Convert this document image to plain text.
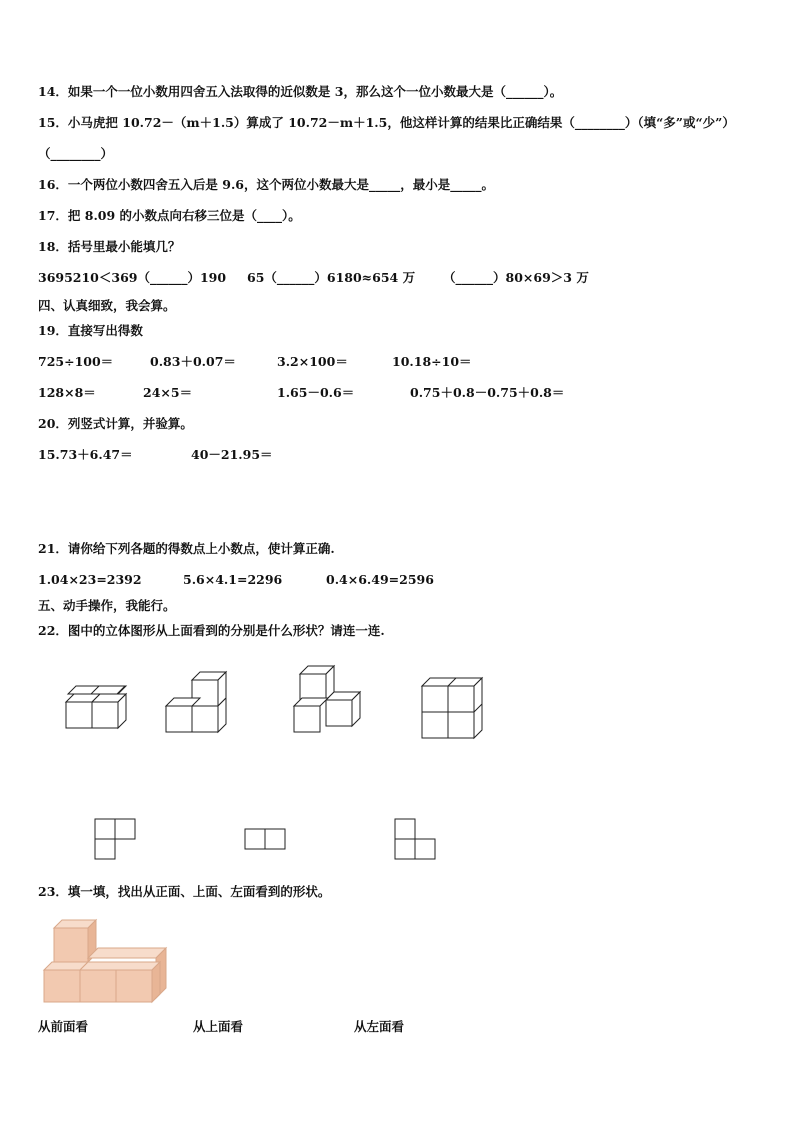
14．如果一个一位小数用四舍五入法取得的近似数是 3，那么这个一位小数最大是（______）。
15．小马虎把 10.72－（m＋1.5）算成了 10.72－m＋1.5，他这样计算的结果比正确结果（________）（填“多”或“少”）
（________）
16．一个两位小数四舍五入后是 9.6，这个两位小数最大是_____，最小是_____。
17．把 8.09 的小数点向右移三位是（____）。
18．括号里最小能填几？
3695210＜369（______）190 65（______）6180≈654 万 （______）80×69＞3 万
四、认真细致，我会算。
19．直接写出得数
725÷100＝	0.83＋0.07＝	3.2×100＝	10.18÷10＝
128×8＝	24×5＝	1.65－0.6＝	0.75＋0.8－0.75＋0.8＝
20．列竖式计算，并验算。
15.73＋6.47＝	40－21.95＝
21．请你给下列各题的得数点上小数点，使计算正确.
1.04×23=2392	5.6×4.1=2296	0.4×6.49=2596
五、动手操作，我能行。
22．图中的立体图形从上面看到的分别是什么形状？请连一连.
23．填一填，找出从正面、上面、左面看到的形状。
从前面看	从上面看	从左面看
